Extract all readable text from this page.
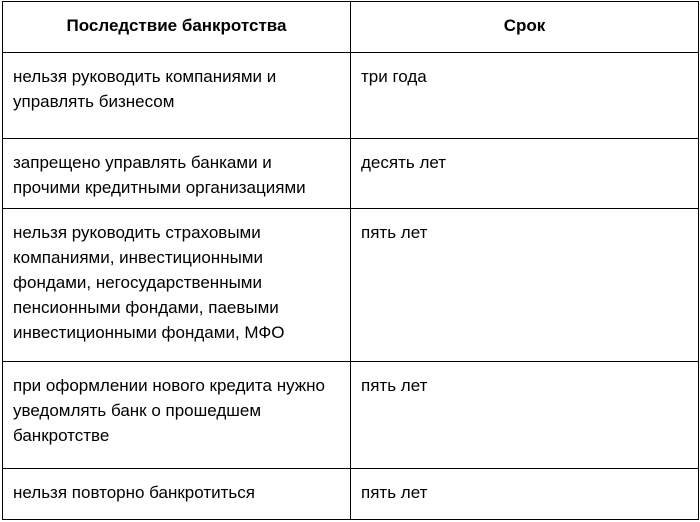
Последствие банкротства	Срок
нельзя руководить компаниями и управлять бизнесом	три года
запрещено управлять банками и прочими кредитными организациями	десять лет
нельзя руководить страховыми компаниями, инвестиционными фондами, негосударственными пенсионными фондами, паевыми инвестиционными фондами, МФО	пять лет
при оформлении нового кредита нужно уведомлять банк о прошедшем банкротстве	пять лет
нельзя повторно банкротиться	пять лет
